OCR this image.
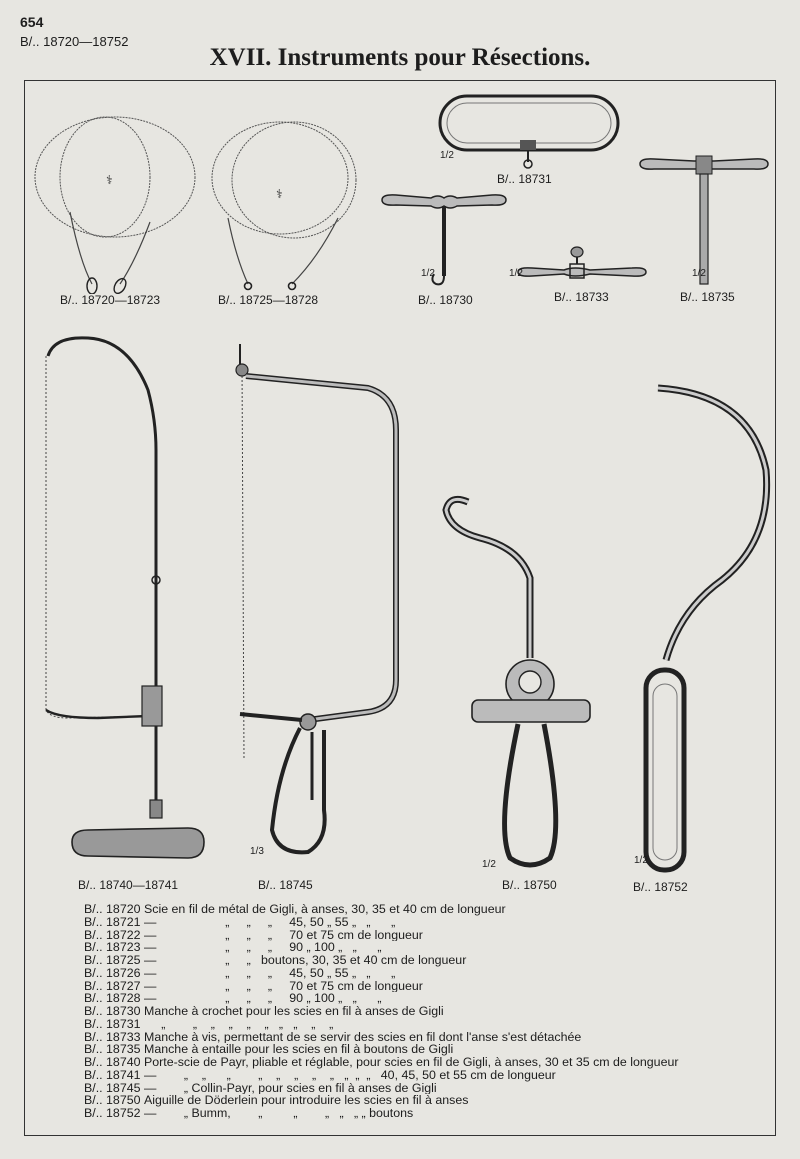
654
B/.. 18720—18752
XVII. Instruments pour Résections.
⚕
B/.. 18720—18723
⚕
B/.. 18725—18728
1/2
B/.. 18731
1/2
B/.. 18730
1/2
B/.. 18733
1/2
B/.. 18735
B/.. 18740—18741
1/3
B/.. 18745
1/2
B/.. 18750
1/2
B/.. 18752
B/.. 18720 Scie en fil de métal de Gigli, à anses, 30, 35 et 40 cm de longueur
B/.. 18721 —                    „     „     „     45, 50 „ 55 „   „      „
B/.. 18722 —                    „     „     „     70 et 75 cm de longueur
B/.. 18723 —                    „     „     „     90 „ 100 „   „      „
B/.. 18725 —                    „     „   boutons, 30, 35 et 40 cm de longueur
B/.. 18726 —                    „     „     „     45, 50 „ 55 „   „      „
B/.. 18727 —                    „     „     „     70 et 75 cm de longueur
B/.. 18728 —                    „     „     „     90 „ 100 „   „      „
B/.. 18730 Manche à crochet pour les scies en fil à anses de Gigli
B/.. 18731 „        „    „    „    „    „   „   „    „    „
B/.. 18733 Manche à vis, permettant de se servir des scies en fil dont l'anse s'est détachée
B/.. 18735 Manche à entaille pour les scies en fil à boutons de Gigli
B/.. 18740 Porte-scie de Payr, pliable et réglable, pour scies en fil de Gigli, à anses, 30 et 35 cm de longueur
B/.. 18741 —        „    „      „        „    „    „    „    „   „  „  „   40, 45, 50 et 55 cm de longueur
B/.. 18745 —        „ Collin-Payr, pour scies en fil à anses de Gigli
B/.. 18750 Aiguille de Döderlein pour introduire les scies en fil à anses
B/.. 18752 —        „ Bumm,        „         „        „   „   „ „ boutons
